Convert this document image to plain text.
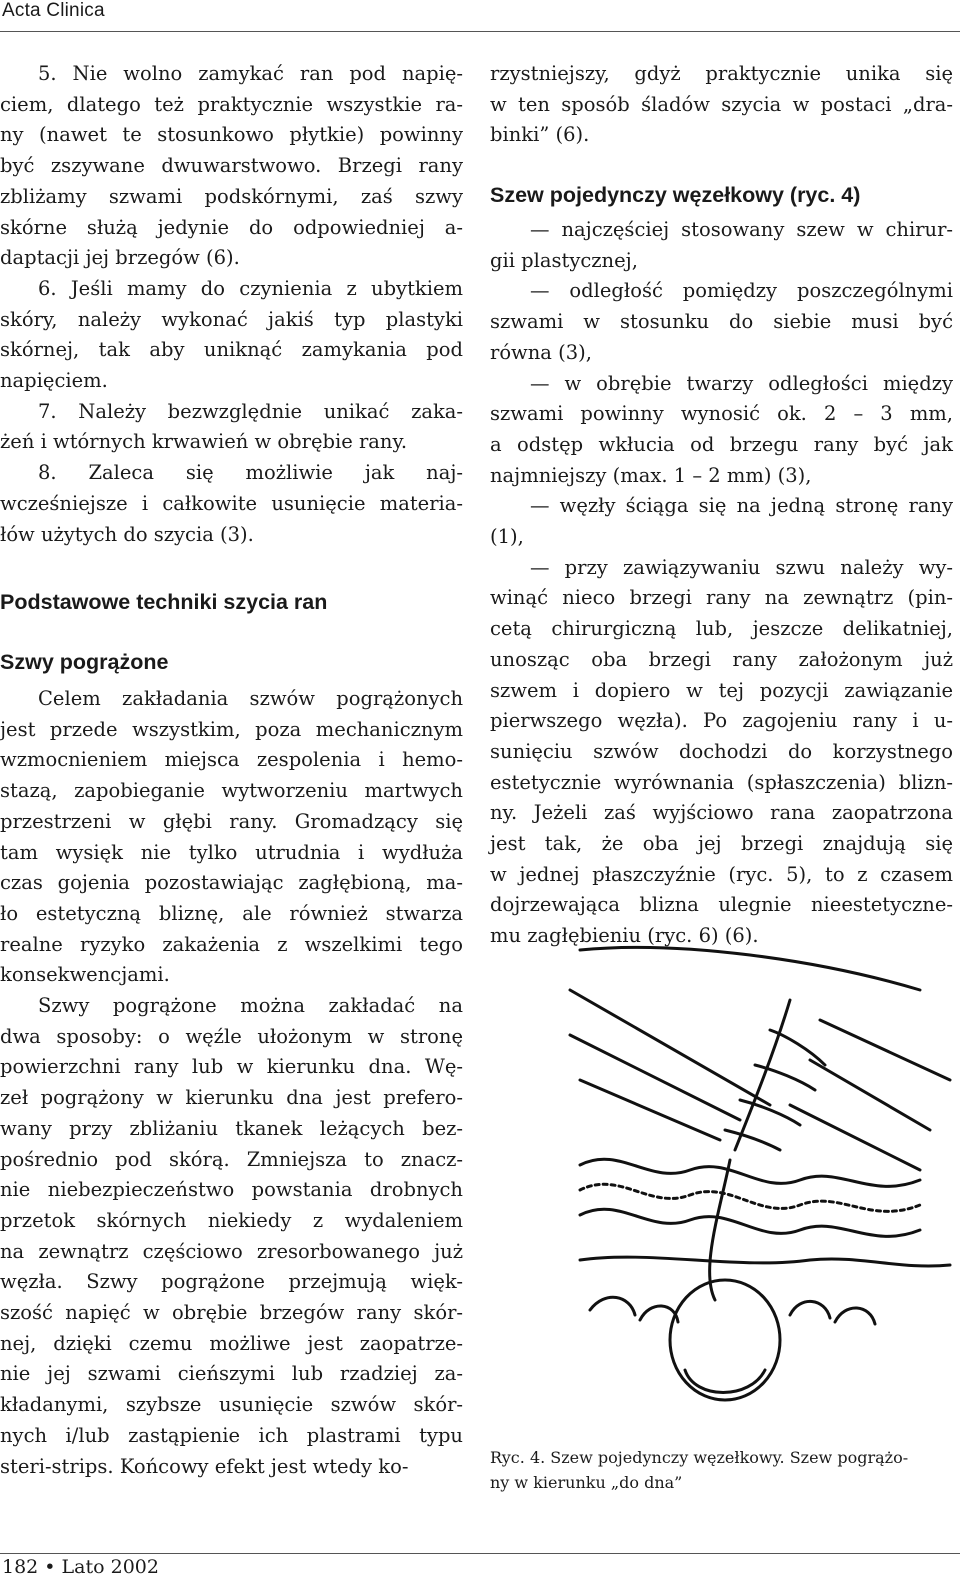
Acta Clinica
Podstawowe techniki szycia ran
Szwy pogrążone
5. Nie wolno zamykać ran pod napię-
ciem, dlatego też praktycznie wszystkie ra-
ny (nawet te stosunkowo płytkie) powinny
być zszywane dwuwarstwowo. Brzegi rany
zbliżamy szwami podskórnymi, zaś szwy
skórne służą jedynie do odpowiedniej a-
daptacji jej brzegów (6).
6. Jeśli mamy do czynienia z ubytkiem
skóry, należy wykonać jakiś typ plastyki
skórnej, tak aby uniknąć zamykania pod
napięciem.
7. Należy bezwzględnie unikać zaka-
żeń i wtórnych krwawień w obrębie rany.
8. Zaleca się możliwie jak naj-
wcześniejsze i całkowite usunięcie materia-
łów użytych do szycia (3).
Celem zakładania szwów pogrążonych
jest przede wszystkim, poza mechanicznym
wzmocnieniem miejsca zespolenia i hemo-
stazą, zapobieganie wytworzeniu martwych
przestrzeni w głębi rany. Gromadzący się
tam wysięk nie tylko utrudnia i wydłuża
czas gojenia pozostawiając zagłębioną, ma-
ło estetyczną bliznę, ale również stwarza
realne ryzyko zakażenia z wszelkimi tego
konsekwencjami.
Szwy pogrążone można zakładać na
dwa sposoby: o węźle ułożonym w stronę
powierzchni rany lub w kierunku dna. Wę-
zeł pogrążony w kierunku dna jest prefero-
wany przy zbliżaniu tkanek leżących bez-
pośrednio pod skórą. Zmniejsza to znacz-
nie niebezpieczeństwo powstania drobnych
przetok skórnych niekiedy z wydaleniem
na zewnątrz częściowo zresorbowanego już
węzła. Szwy pogrążone przejmują więk-
szość napięć w obrębie brzegów rany skór-
nej, dzięki czemu możliwe jest zaopatrze-
nie jej szwami cieńszymi lub rzadziej za-
kładanymi, szybsze usunięcie szwów skór-
nych i/lub zastąpienie ich plastrami typu
steri-strips. Końcowy efekt jest wtedy ko-
Szew pojedynczy węzełkowy (ryc. 4)
rzystniejszy, gdyż praktycznie unika się
w ten sposób śladów szycia w postaci „dra-
binki” (6).
— najczęściej stosowany szew w chirur-
gii plastycznej,
— odległość pomiędzy poszczególnymi
szwami w stosunku do siebie musi być
równa (3),
— w obrębie twarzy odległości między
szwami powinny wynosić ok. 2 – 3 mm,
a odstęp wkłucia od brzegu rany być jak
najmniejszy (max. 1 – 2 mm) (3),
— węzły ściąga się na jedną stronę rany
(1),
— przy zawiązywaniu szwu należy wy-
winąć nieco brzegi rany na zewnątrz (pin-
cetą chirurgiczną lub, jeszcze delikatniej,
unosząc oba brzegi rany założonym już
szwem i dopiero w tej pozycji zawiązanie
pierwszego węzła). Po zagojeniu rany i u-
sunięciu szwów dochodzi do korzystnego
estetycznie wyrównania (spłaszczenia) blizn-
ny. Jeżeli zaś wyjściowo rana zaopatrzona
jest tak, że oba jej brzegi znajdują się
w jednej płaszczyźnie (ryc. 5), to z czasem
dojrzewająca blizna ulegnie nieestetyczne-
mu zagłębieniu (ryc. 6) (6).
Ryc. 4. Szew pojedynczy węzełkowy. Szew pogrążo-
ny w kierunku „do dna”
182 • Lato 2002
